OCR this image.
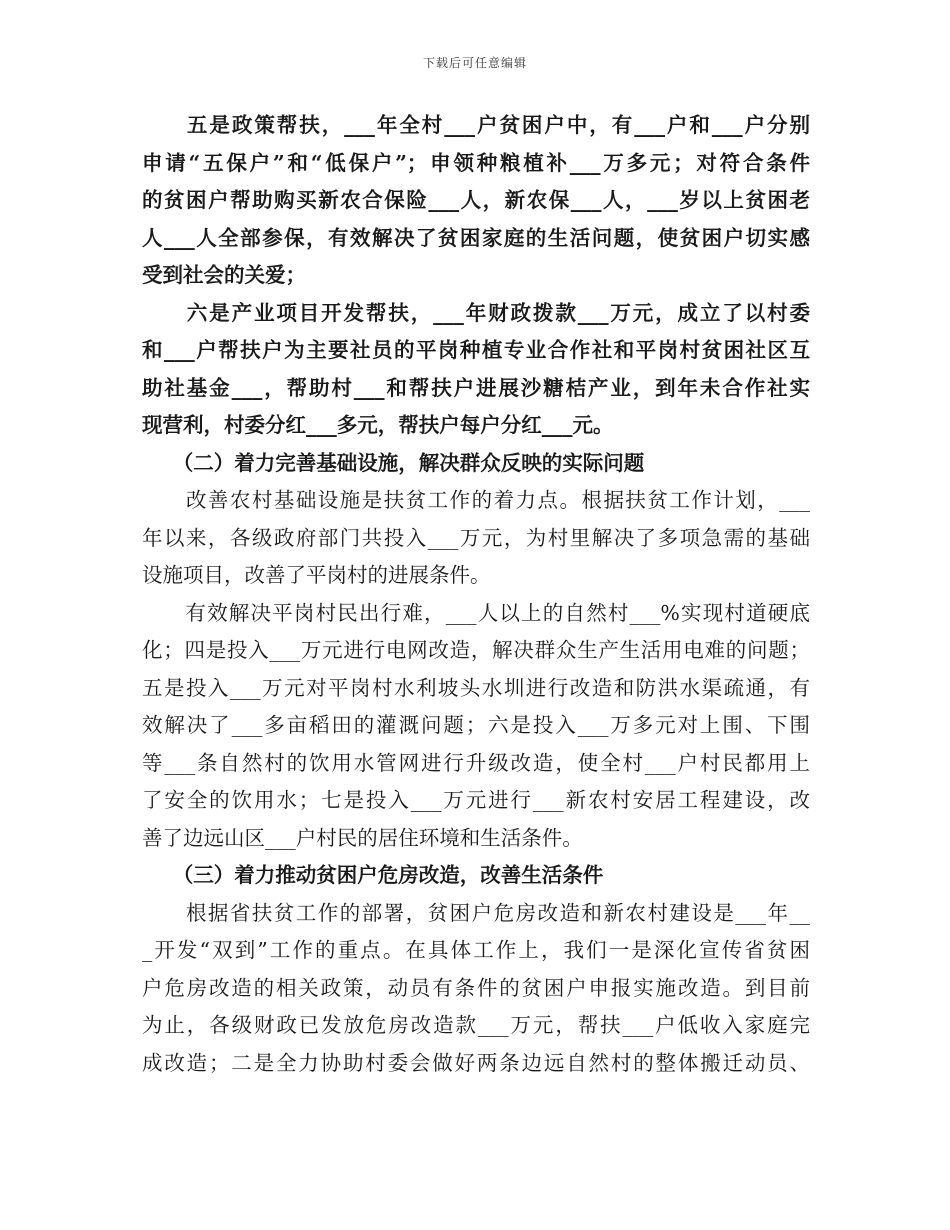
下载后可任意编辑
　　五是政策帮扶，___年全村___户贫困户中，有___户和___户分别
申请“五保户”和“低保户”；申领种粮植补___万多元；对符合条件
的贫困户帮助购买新农合保险___人，新农保___人，___岁以上贫困老
人___人全部参保，有效解决了贫困家庭的生活问题，使贫困户切实感
受到社会的关爱；
　　六是产业项目开发帮扶，___年财政拨款___万元，成立了以村委
和___户帮扶户为主要社员的平岗种植专业合作社和平岗村贫困社区互
助社基金___，帮助村___和帮扶户进展沙糖桔产业，到年未合作社实
现营利，村委分红___多元，帮扶户每户分红___元。
　　（二）着力完善基础设施，解决群众反映的实际问题
　　改善农村基础设施是扶贫工作的着力点。根据扶贫工作计划，___
年以来，各级政府部门共投入___万元，为村里解决了多项急需的基础
设施项目，改善了平岗村的进展条件。
　　有效解决平岗村民出行难，___人以上的自然村___%实现村道硬底
化；四是投入___万元进行电网改造，解决群众生产生活用电难的问题；
五是投入___万元对平岗村水利坡头水圳进行改造和防洪水渠疏通，有
效解决了___多亩稻田的灌溉问题；六是投入___万多元对上围、下围
等___条自然村的饮用水管网进行升级改造，使全村___户村民都用上
了安全的饮用水；七是投入___万元进行___新农村安居工程建设，改
善了边远山区___户村民的居住环境和生活条件。
　　（三）着力推动贫困户危房改造，改善生活条件
　　根据省扶贫工作的部署，贫困户危房改造和新农村建设是___年__
_开发“双到”工作的重点。在具体工作上，我们一是深化宣传省贫困
户危房改造的相关政策，动员有条件的贫困户申报实施改造。到目前
为止，各级财政已发放危房改造款___万元，帮扶___户低收入家庭完
成改造；二是全力协助村委会做好两条边远自然村的整体搬迁动员、
